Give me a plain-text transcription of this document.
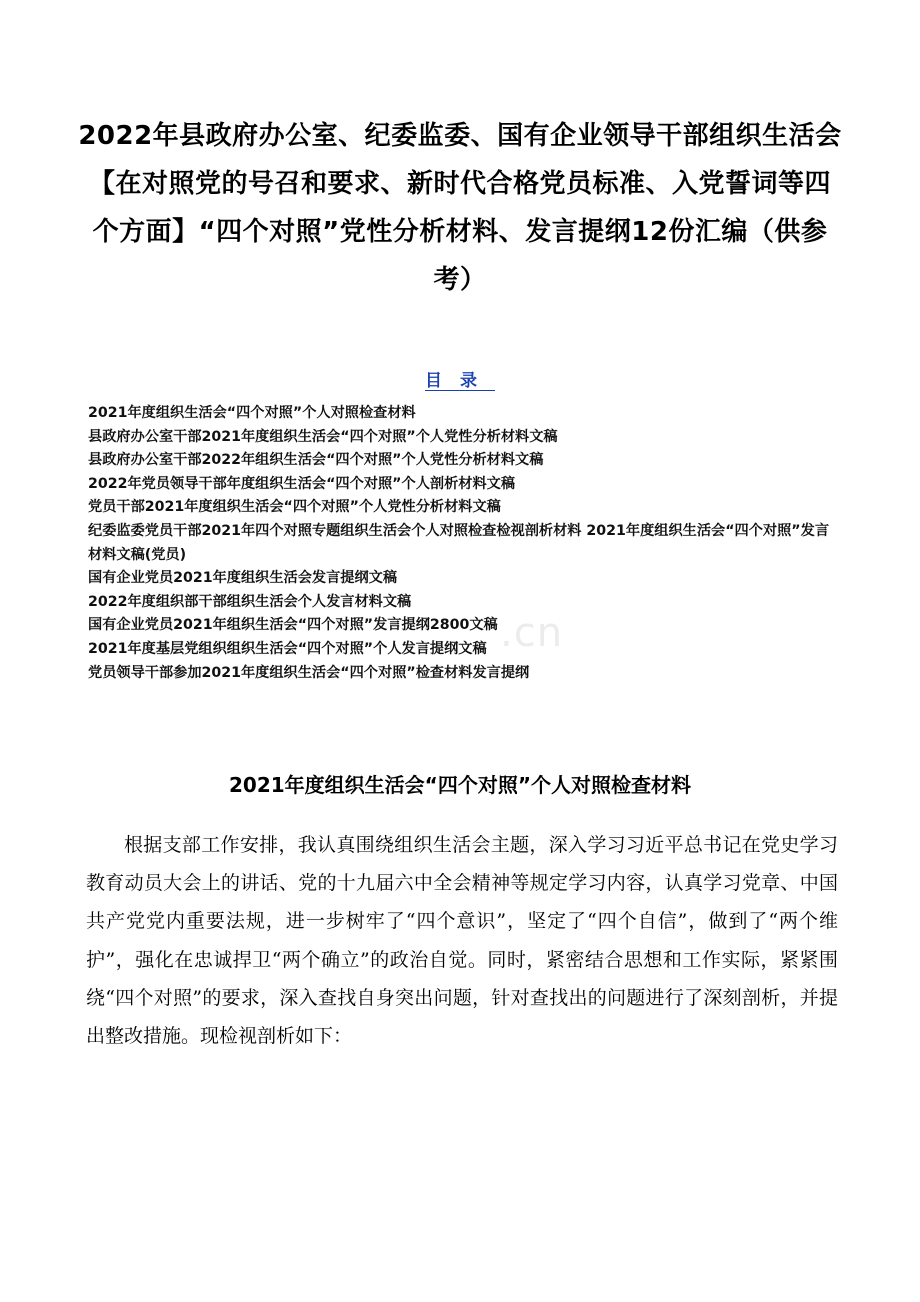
2022年县政府办公室、纪委监委、国有企业领导干部组织生活会【在对照党的号召和要求、新时代合格党员标准、入党誓词等四个方面】“四个对照”党性分析材料、发言提纲12份汇编（供参考）
目录
2021年度组织生活会“四个对照”个人对照检查材料
县政府办公室干部2021年度组织生活会“四个对照”个人党性分析材料文稿
县政府办公室干部2022年组织生活会“四个对照”个人党性分析材料文稿
2022年党员领导干部年度组织生活会“四个对照”个人剖析材料文稿
党员干部2021年度组织生活会“四个对照”个人党性分析材料文稿
纪委监委党员干部2021年四个对照专题组织生活会个人对照检查检视剖析材料 2021年度组织生活会“四个对照”发言材料文稿(党员)
国有企业党员2021年度组织生活会发言提纲文稿
2022年度组织部干部组织生活会个人发言材料文稿
国有企业党员2021年组织生活会“四个对照”发言提纲2800文稿
2021年度基层党组织组织生活会“四个对照”个人发言提纲文稿
党员领导干部参加2021年度组织生活会“四个对照”检查材料发言提纲
.cn
2021年度组织生活会“四个对照”个人对照检查材料

根据支部工作安排，我认真围绕组织生活会主题，深入学习习近平总书记在党史学习教育动员大会上的讲话、党的十九届六中全会精神等规定学习内容，认真学习党章、中国共产党党内重要法规，进一步树牢了“四个意识”，坚定了“四个自信”，做到了“两个维护”，强化在忠诚捍卫“两个确立”的政治自觉。同时，紧密结合思想和工作实际，紧紧围绕“四个对照”的要求，深入查找自身突出问题，针对查找出的问题进行了深刻剖析，并提出整改措施。现检视剖析如下：
